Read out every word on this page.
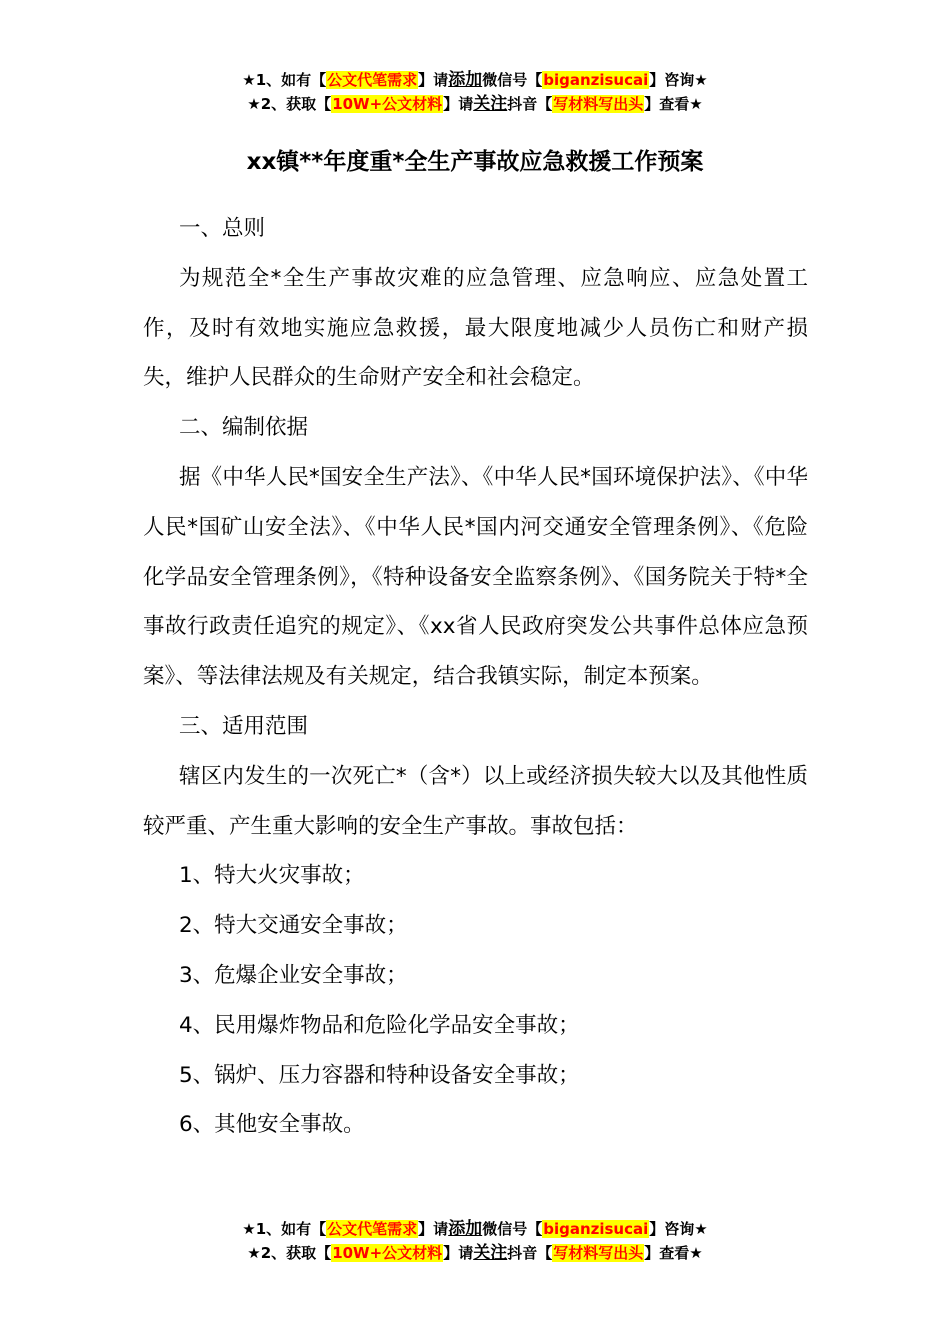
★1、如有【公文代笔需求】请添加微信号【biganzisucai】咨询★
★2、获取【10W+公文材料】请关注抖音【写材料写出头】查看★
xx镇**年度重*全生产事故应急救援工作预案

一、总则

为规范全*全生产事故灾难的应急管理、应急响应、应急处置工作，及时有效地实施应急救援，最大限度地减少人员伤亡和财产损失，维护人民群众的生命财产安全和社会稳定。

二、编制依据

据《中华人民*国安全生产法》、《中华人民*国环境保护法》、《中华人民*国矿山安全法》、《中华人民*国内河交通安全管理条例》、《危险化学品安全管理条例》，《特种设备安全监察条例》、《国务院关于特*全事故行政责任追究的规定》、《xx省人民政府突发公共事件总体应急预案》、等法律法规及有关规定，结合我镇实际，制定本预案。

三、适用范围

辖区内发生的一次死亡*（含*）以上或经济损失较大以及其他性质较严重、产生重大影响的安全生产事故。事故包括：

1、特大火灾事故；

2、特大交通安全事故；

3、危爆企业安全事故；

4、民用爆炸物品和危险化学品安全事故；

5、锅炉、压力容器和特种设备安全事故；

6、其他安全事故。

★1、如有【公文代笔需求】请添加微信号【biganzisucai】咨询★
★2、获取【10W+公文材料】请关注抖音【写材料写出头】查看★
